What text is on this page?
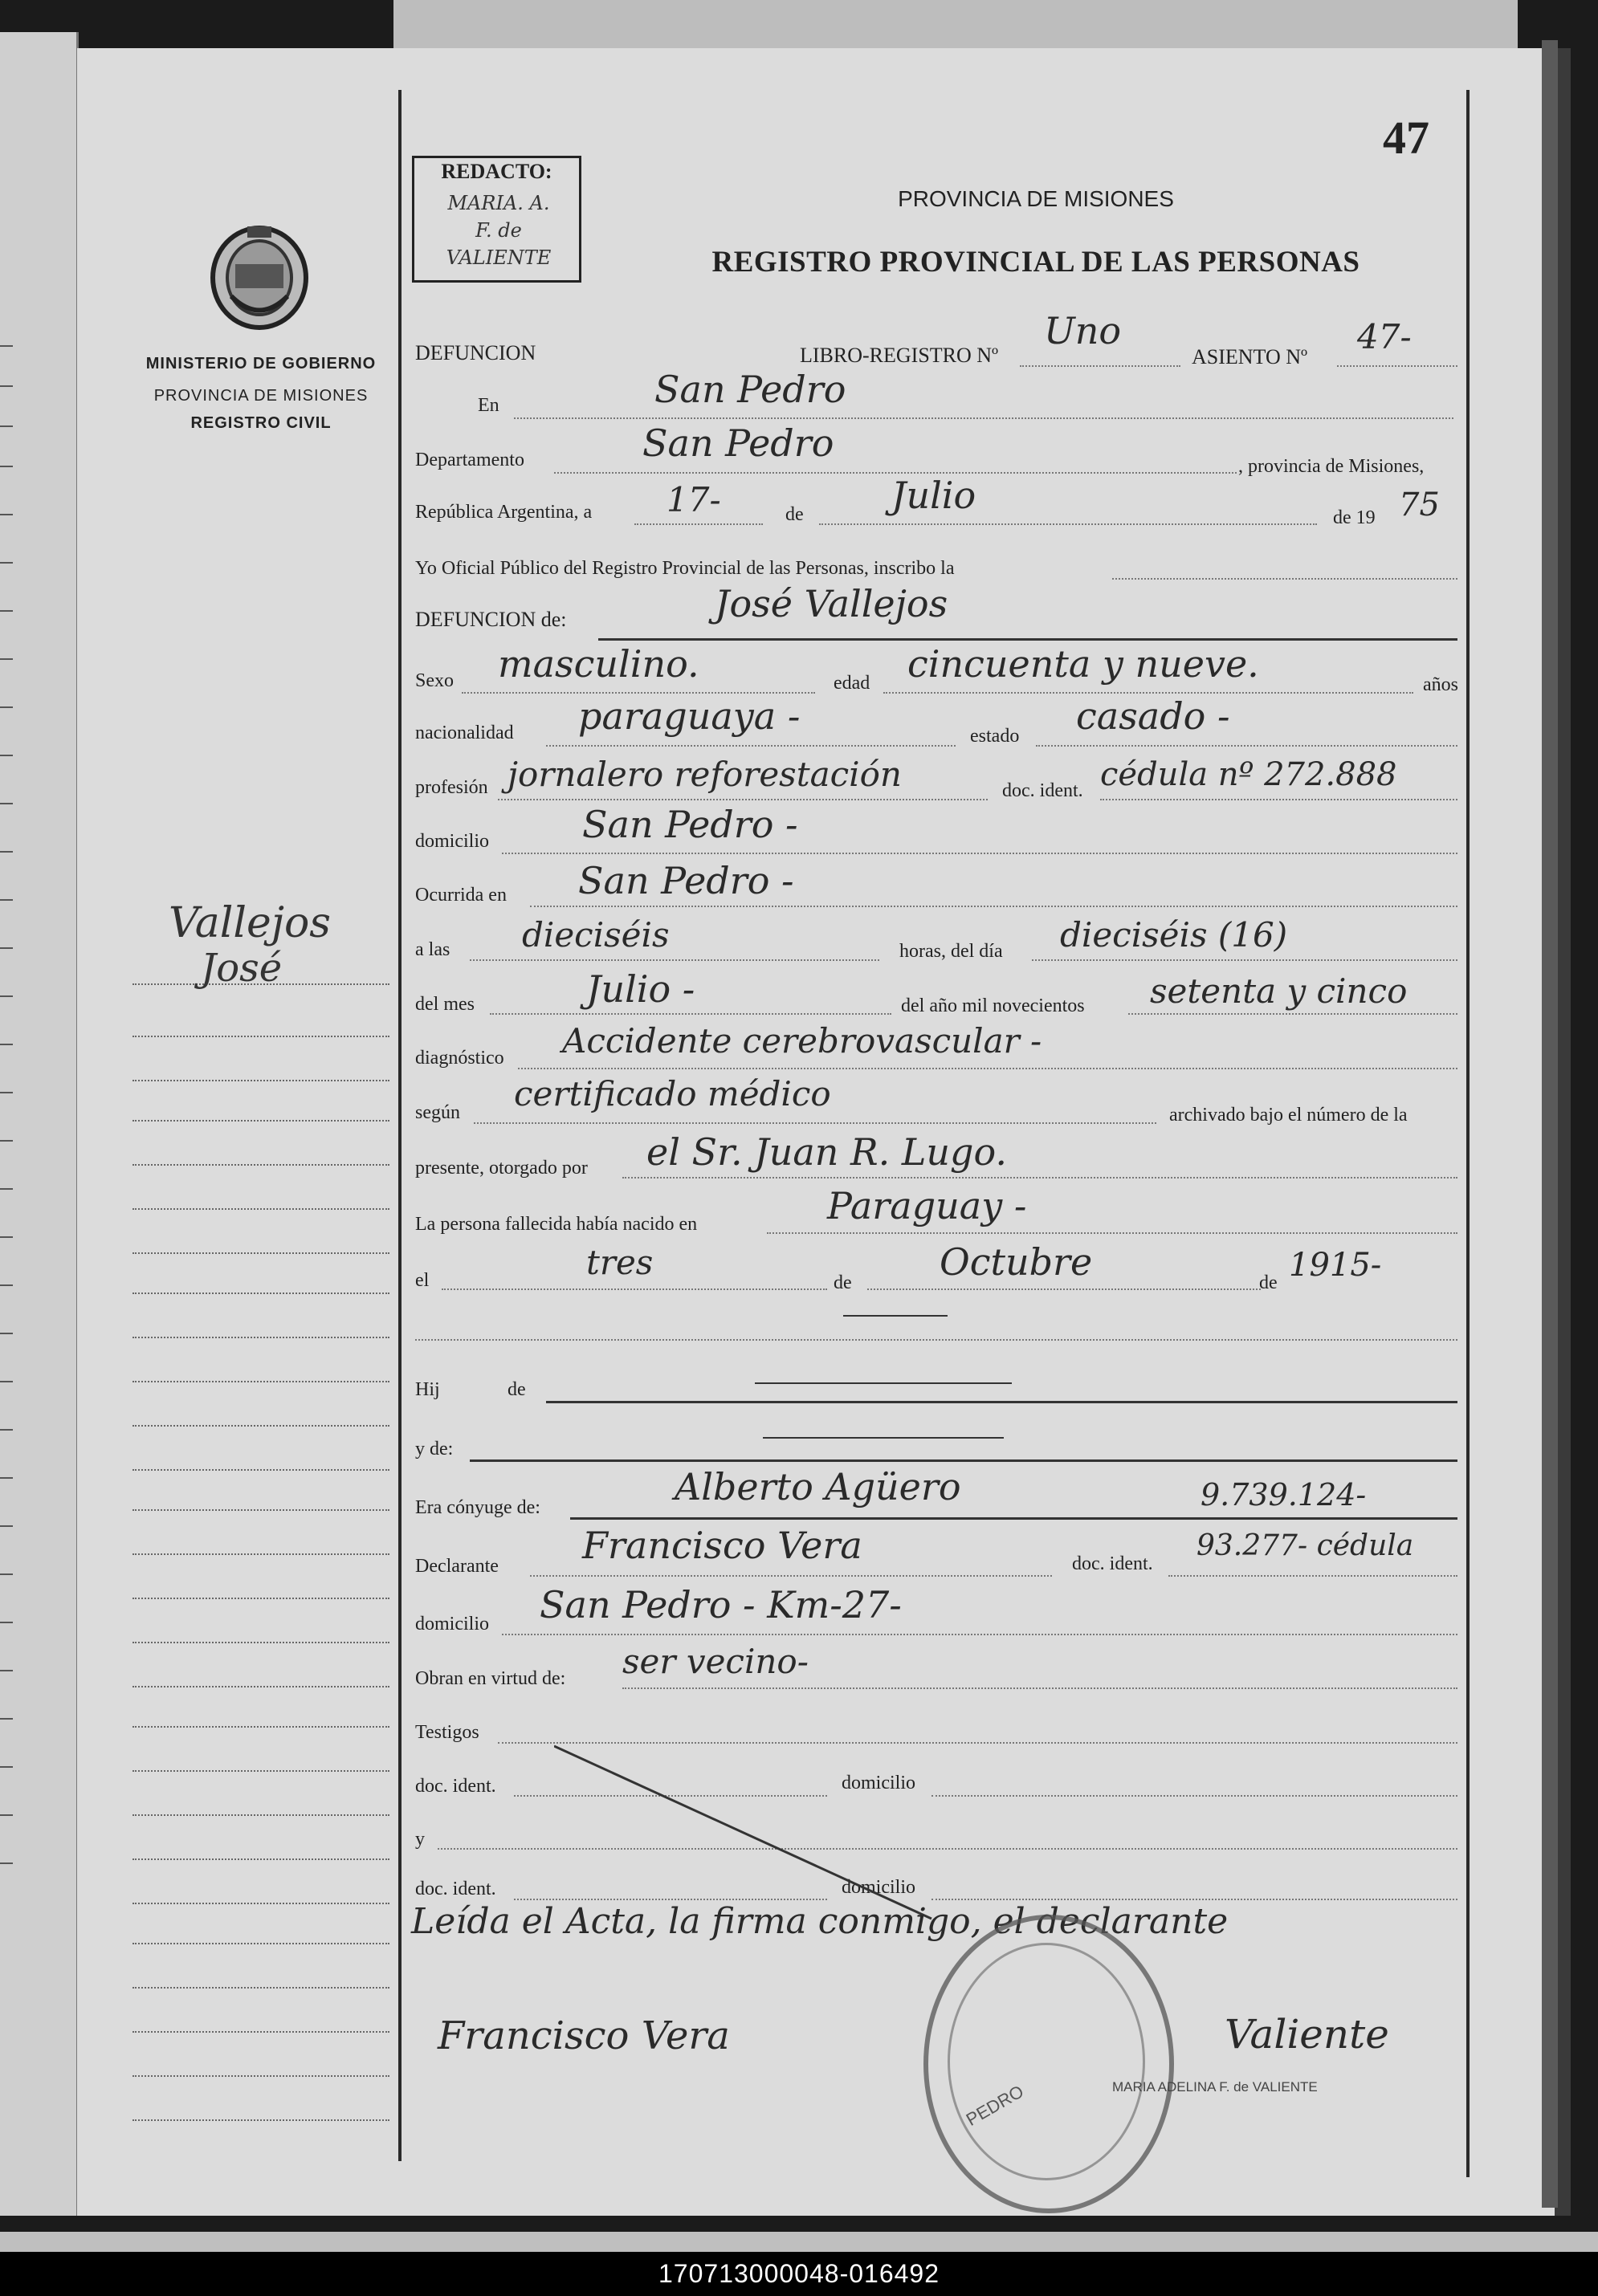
170713000048-016492
MINISTERIO DE GOBIERNO
PROVINCIA DE MISIONES
REGISTRO CIVIL
Vallejos
José
REDACTO:
MARIA. A.
F. de
VALIENTE
47
PROVINCIA DE MISIONES
REGISTRO PROVINCIAL DE LAS PERSONAS
DEFUNCION	LIBRO-REGISTRO Nº
Uno
ASIENTO Nº
47-
En	San Pedro
Departamento	San Pedro
, provincia de Misiones,
República Argentina, a 17-	de Julio
de 19 75
Yo Oficial Público del Registro Provincial de las Personas, inscribo la
DEFUNCION de:	José Vallejos
Sexo masculino.	edad cincuenta y nueve.	años
nacionalidad paraguaya -	estado casado -
profesión jornalero reforestación	doc. ident. cédula nº 272.888
domicilio	San Pedro -
Ocurrida en San Pedro -
a las dieciséis	horas, del día dieciséis (16)
del mes	Julio -	del año mil novecientos setenta y cinco
diagnóstico Accidente cerebrovascular -
según certificado médico
archivado bajo el número de la
presente, otorgado por el Sr. Juan R. Lugo.
La persona fallecida había nacido en	Paraguay -
el	tres
de Octubre	de 1915-
Hij	de
y de:
Era cónyuge de:	Alberto Agüero	9.739.124-
Declarante Francisco Vera	doc. ident.
93.277- cédula
domicilio San Pedro - Km-27-
Obran en virtud de: ser vecino-
Testigos
doc. ident.	domicilio
y
doc. ident.	domicilio
Leída el Acta, la firma conmigo, el declarante
PEDRO
Francisco Vera	Valiente
MARIA ADELINA F. de VALIENTE
